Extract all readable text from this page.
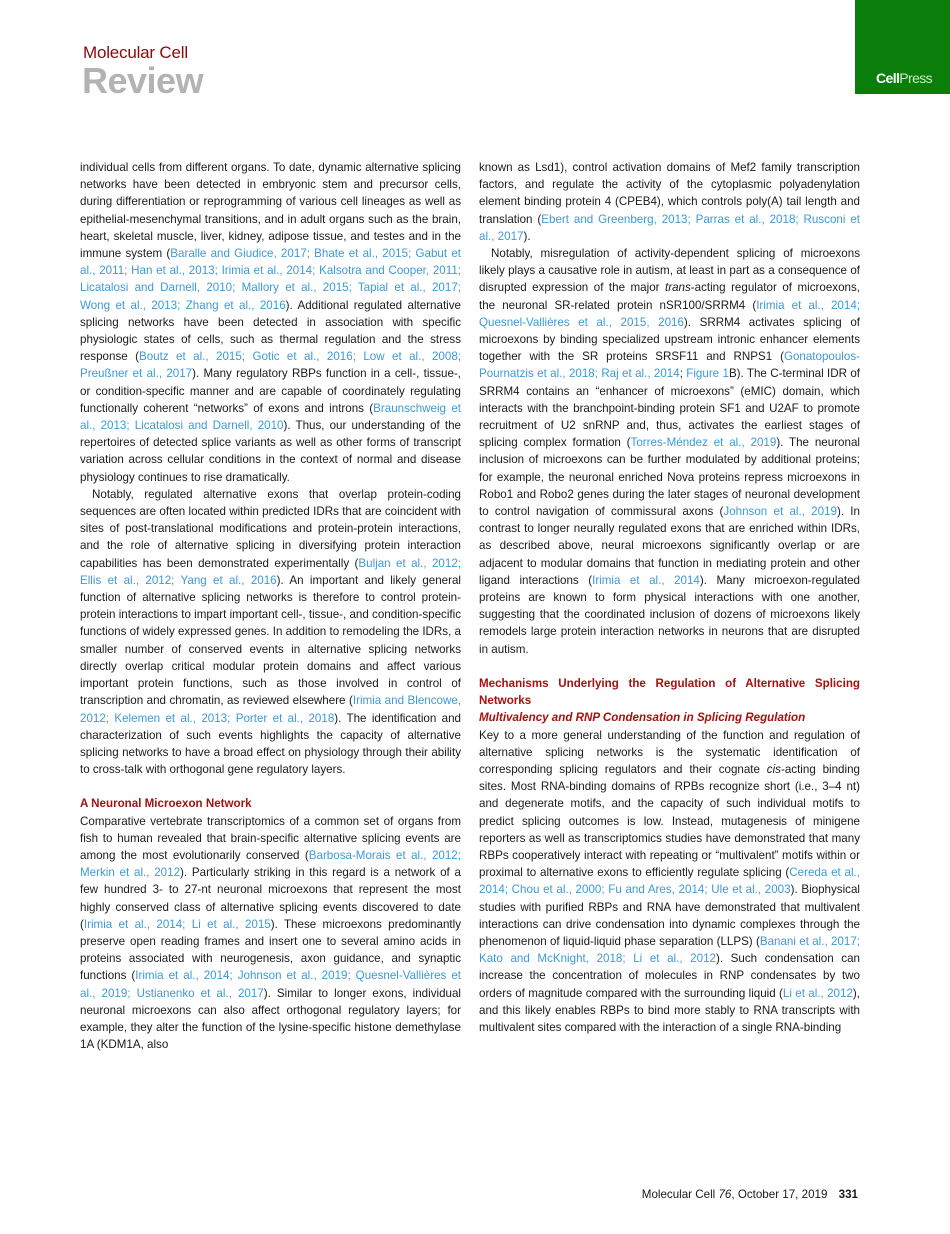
Molecular Cell
Review	CellPress

individual cells from different organs. To date, dynamic alternative splicing networks have been detected in embryonic stem and precursor cells, during differentiation or reprogramming of various cell lineages as well as epithelial-mesenchymal transitions, and in adult organs such as the brain, heart, skeletal muscle, liver, kidney, adipose tissue, and testes and in the immune system (Baralle and Giudice, 2017; Bhate et al., 2015; Gabut et al., 2011; Han et al., 2013; Irimia et al., 2014; Kalsotra and Cooper, 2011; Licatalosi and Darnell, 2010; Mallory et al., 2015; Tapial et al., 2017; Wong et al., 2013; Zhang et al., 2016). Additional regulated alternative splicing networks have been detected in association with specific physiologic states of cells, such as thermal regulation and the stress response (Boutz et al., 2015; Gotic et al., 2016; Low et al., 2008; Preußner et al., 2017). Many regulatory RBPs function in a cell-, tissue-, or condition-specific manner and are capable of coordinately regulating functionally coherent “networks” of exons and introns (Braunschweig et al., 2013; Licatalosi and Darnell, 2010). Thus, our understanding of the repertoires of detected splice variants as well as other forms of transcript variation across cellular conditions in the context of normal and disease physiology continues to rise dramatically.

Notably, regulated alternative exons that overlap protein-coding sequences are often located within predicted IDRs that are coincident with sites of post-translational modifications and protein-protein interactions, and the role of alternative splicing in diversifying protein interaction capabilities has been demonstrated experimentally (Buljan et al., 2012; Ellis et al., 2012; Yang et al., 2016). An important and likely general function of alternative splicing networks is therefore to control protein-protein interactions to impart important cell-, tissue-, and condition-specific functions of widely expressed genes. In addition to remodeling the IDRs, a smaller number of conserved events in alternative splicing networks directly overlap critical modular protein domains and affect various important protein functions, such as those involved in control of transcription and chromatin, as reviewed elsewhere (Irimia and Blencowe, 2012; Kelemen et al., 2013; Porter et al., 2018). The identification and characterization of such events highlights the capacity of alternative splicing networks to have a broad effect on physiology through their ability to cross-talk with orthogonal gene regulatory layers.

A Neuronal Microexon Network

Comparative vertebrate transcriptomics of a common set of organs from fish to human revealed that brain-specific alternative splicing events are among the most evolutionarily conserved (Barbosa-Morais et al., 2012; Merkin et al., 2012). Particularly striking in this regard is a network of a few hundred 3- to 27-nt neuronal microexons that represent the most highly conserved class of alternative splicing events discovered to date (Irimia et al., 2014; Li et al., 2015). These microexons predominantly preserve open reading frames and insert one to several amino acids in proteins associated with neurogenesis, axon guidance, and synaptic functions (Irimia et al., 2014; Johnson et al., 2019; Quesnel-Vallières et al., 2019; Ustianenko et al., 2017). Similar to longer exons, individual neuronal microexons can also affect orthogonal regulatory layers; for example, they alter the function of the lysine-specific histone demethylase 1A (KDM1A, also

known as Lsd1), control activation domains of Mef2 family transcription factors, and regulate the activity of the cytoplasmic polyadenylation element binding protein 4 (CPEB4), which controls poly(A) tail length and translation (Ebert and Greenberg, 2013; Parras et al., 2018; Rusconi et al., 2017).

Notably, misregulation of activity-dependent splicing of microexons likely plays a causative role in autism, at least in part as a consequence of disrupted expression of the major trans-acting regulator of microexons, the neuronal SR-related protein nSR100/SRRM4 (Irimia et al., 2014; Quesnel-Vallières et al., 2015, 2016). SRRM4 activates splicing of microexons by binding specialized upstream intronic enhancer elements together with the SR proteins SRSF11 and RNPS1 (Gonatopoulos-Pournatzis et al., 2018; Raj et al., 2014; Figure 1B). The C-terminal IDR of SRRM4 contains an “enhancer of microexons” (eMIC) domain, which interacts with the branchpoint-binding protein SF1 and U2AF to promote recruitment of U2 snRNP and, thus, activates the earliest stages of splicing complex formation (Torres-Méndez et al., 2019). The neuronal inclusion of microexons can be further modulated by additional proteins; for example, the neuronal enriched Nova proteins repress microexons in Robo1 and Robo2 genes during the later stages of neuronal development to control navigation of commissural axons (Johnson et al., 2019). In contrast to longer neurally regulated exons that are enriched within IDRs, as described above, neural microexons significantly overlap or are adjacent to modular domains that function in mediating protein and other ligand interactions (Irimia et al., 2014). Many microexon-regulated proteins are known to form physical interactions with one another, suggesting that the coordinated inclusion of dozens of microexons likely remodels large protein interaction networks in neurons that are disrupted in autism.

Mechanisms Underlying the Regulation of Alternative Splicing Networks
Multivalency and RNP Condensation in Splicing Regulation

Key to a more general understanding of the function and regulation of alternative splicing networks is the systematic identification of corresponding splicing regulators and their cognate cis-acting binding sites. Most RNA-binding domains of RPBs recognize short (i.e., 3–4 nt) and degenerate motifs, and the capacity of such individual motifs to predict splicing outcomes is low. Instead, mutagenesis of minigene reporters as well as transcriptomics studies have demonstrated that many RBPs cooperatively interact with repeating or “multivalent” motifs within or proximal to alternative exons to efficiently regulate splicing (Cereda et al., 2014; Chou et al., 2000; Fu and Ares, 2014; Ule et al., 2003). Biophysical studies with purified RBPs and RNA have demonstrated that multivalent interactions can drive condensation into dynamic complexes through the phenomenon of liquid-liquid phase separation (LLPS) (Banani et al., 2017; Kato and McKnight, 2018; Li et al., 2012). Such condensation can increase the concentration of molecules in RNP condensates by two orders of magnitude compared with the surrounding liquid (Li et al., 2012), and this likely enables RBPs to bind more stably to RNA transcripts with multivalent sites compared with the interaction of a single RNA-binding

Molecular Cell 76, October 17, 2019 331
